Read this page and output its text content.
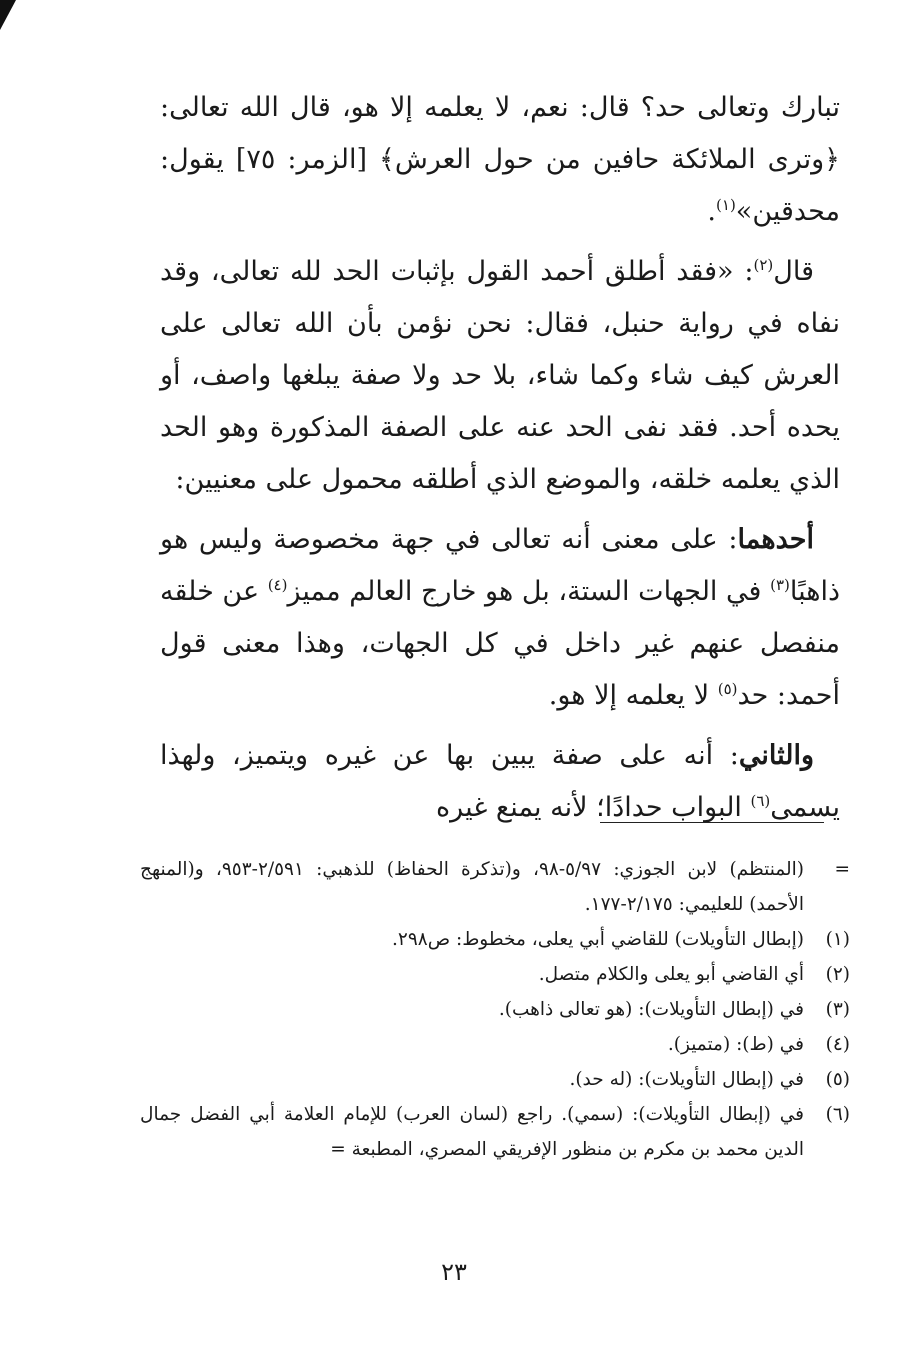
تبارك وتعالى حد؟ قال: نعم، لا يعلمه إلا هو، قال الله تعالى: ﴿وترى الملائكة حافين من حول العرش﴾ [الزمر: ٧٥] يقول: محدقين»$^{(١)}$.

قال$^{(٢)}$: «فقد أطلق أحمد القول بإثبات الحد لله تعالى، وقد نفاه في رواية حنبل، فقال: نحن نؤمن بأن الله تعالى على العرش كيف شاء وكما شاء، بلا حد ولا صفة يبلغها واصف، أو يحده أحد. فقد نفى الحد عنه على الصفة المذكورة وهو الحد الذي يعلمه خلقه، والموضع الذي أطلقه محمول على معنيين:

أحدهما: على معنى أنه تعالى في جهة مخصوصة وليس هو ذاهبًا$^{(٣)}$ في الجهات الستة، بل هو خارج العالم مميز$^{(٤)}$ عن خلقه منفصل عنهم غير داخل في كل الجهات، وهذا معنى قول أحمد: حد$^{(٥)}$ لا يعلمه إلا هو.

والثاني: أنه على صفة يبين بها عن غيره ويتميز، ولهذا يسمى$^{(٦)}$ البواب حدادًا؛ لأنه يمنع غيره

=
(المنتظم) لابن الجوزي: ٥/٩٧-٩٨، و(تذكرة الحفاظ) للذهبي: ٢/٥٩١-٩٥٣، و(المنهج الأحمد) للعليمي: ٢/١٧٥-١٧٧.
(١)
(إبطال التأويلات) للقاضي أبي يعلى، مخطوط: ص٢٩٨.
(٢)
أي القاضي أبو يعلى والكلام متصل.
(٣)
في (إبطال التأويلات): (هو تعالى ذاهب).
(٤)
في (ط): (متميز).
(٥)
في (إبطال التأويلات): (له حد).
(٦)
في (إبطال التأويلات): (سمي). راجع (لسان العرب) للإمام العلامة أبي الفضل جمال الدين محمد بن مكرم بن منظور الإفريقي المصري، المطبعة =
٢٣
